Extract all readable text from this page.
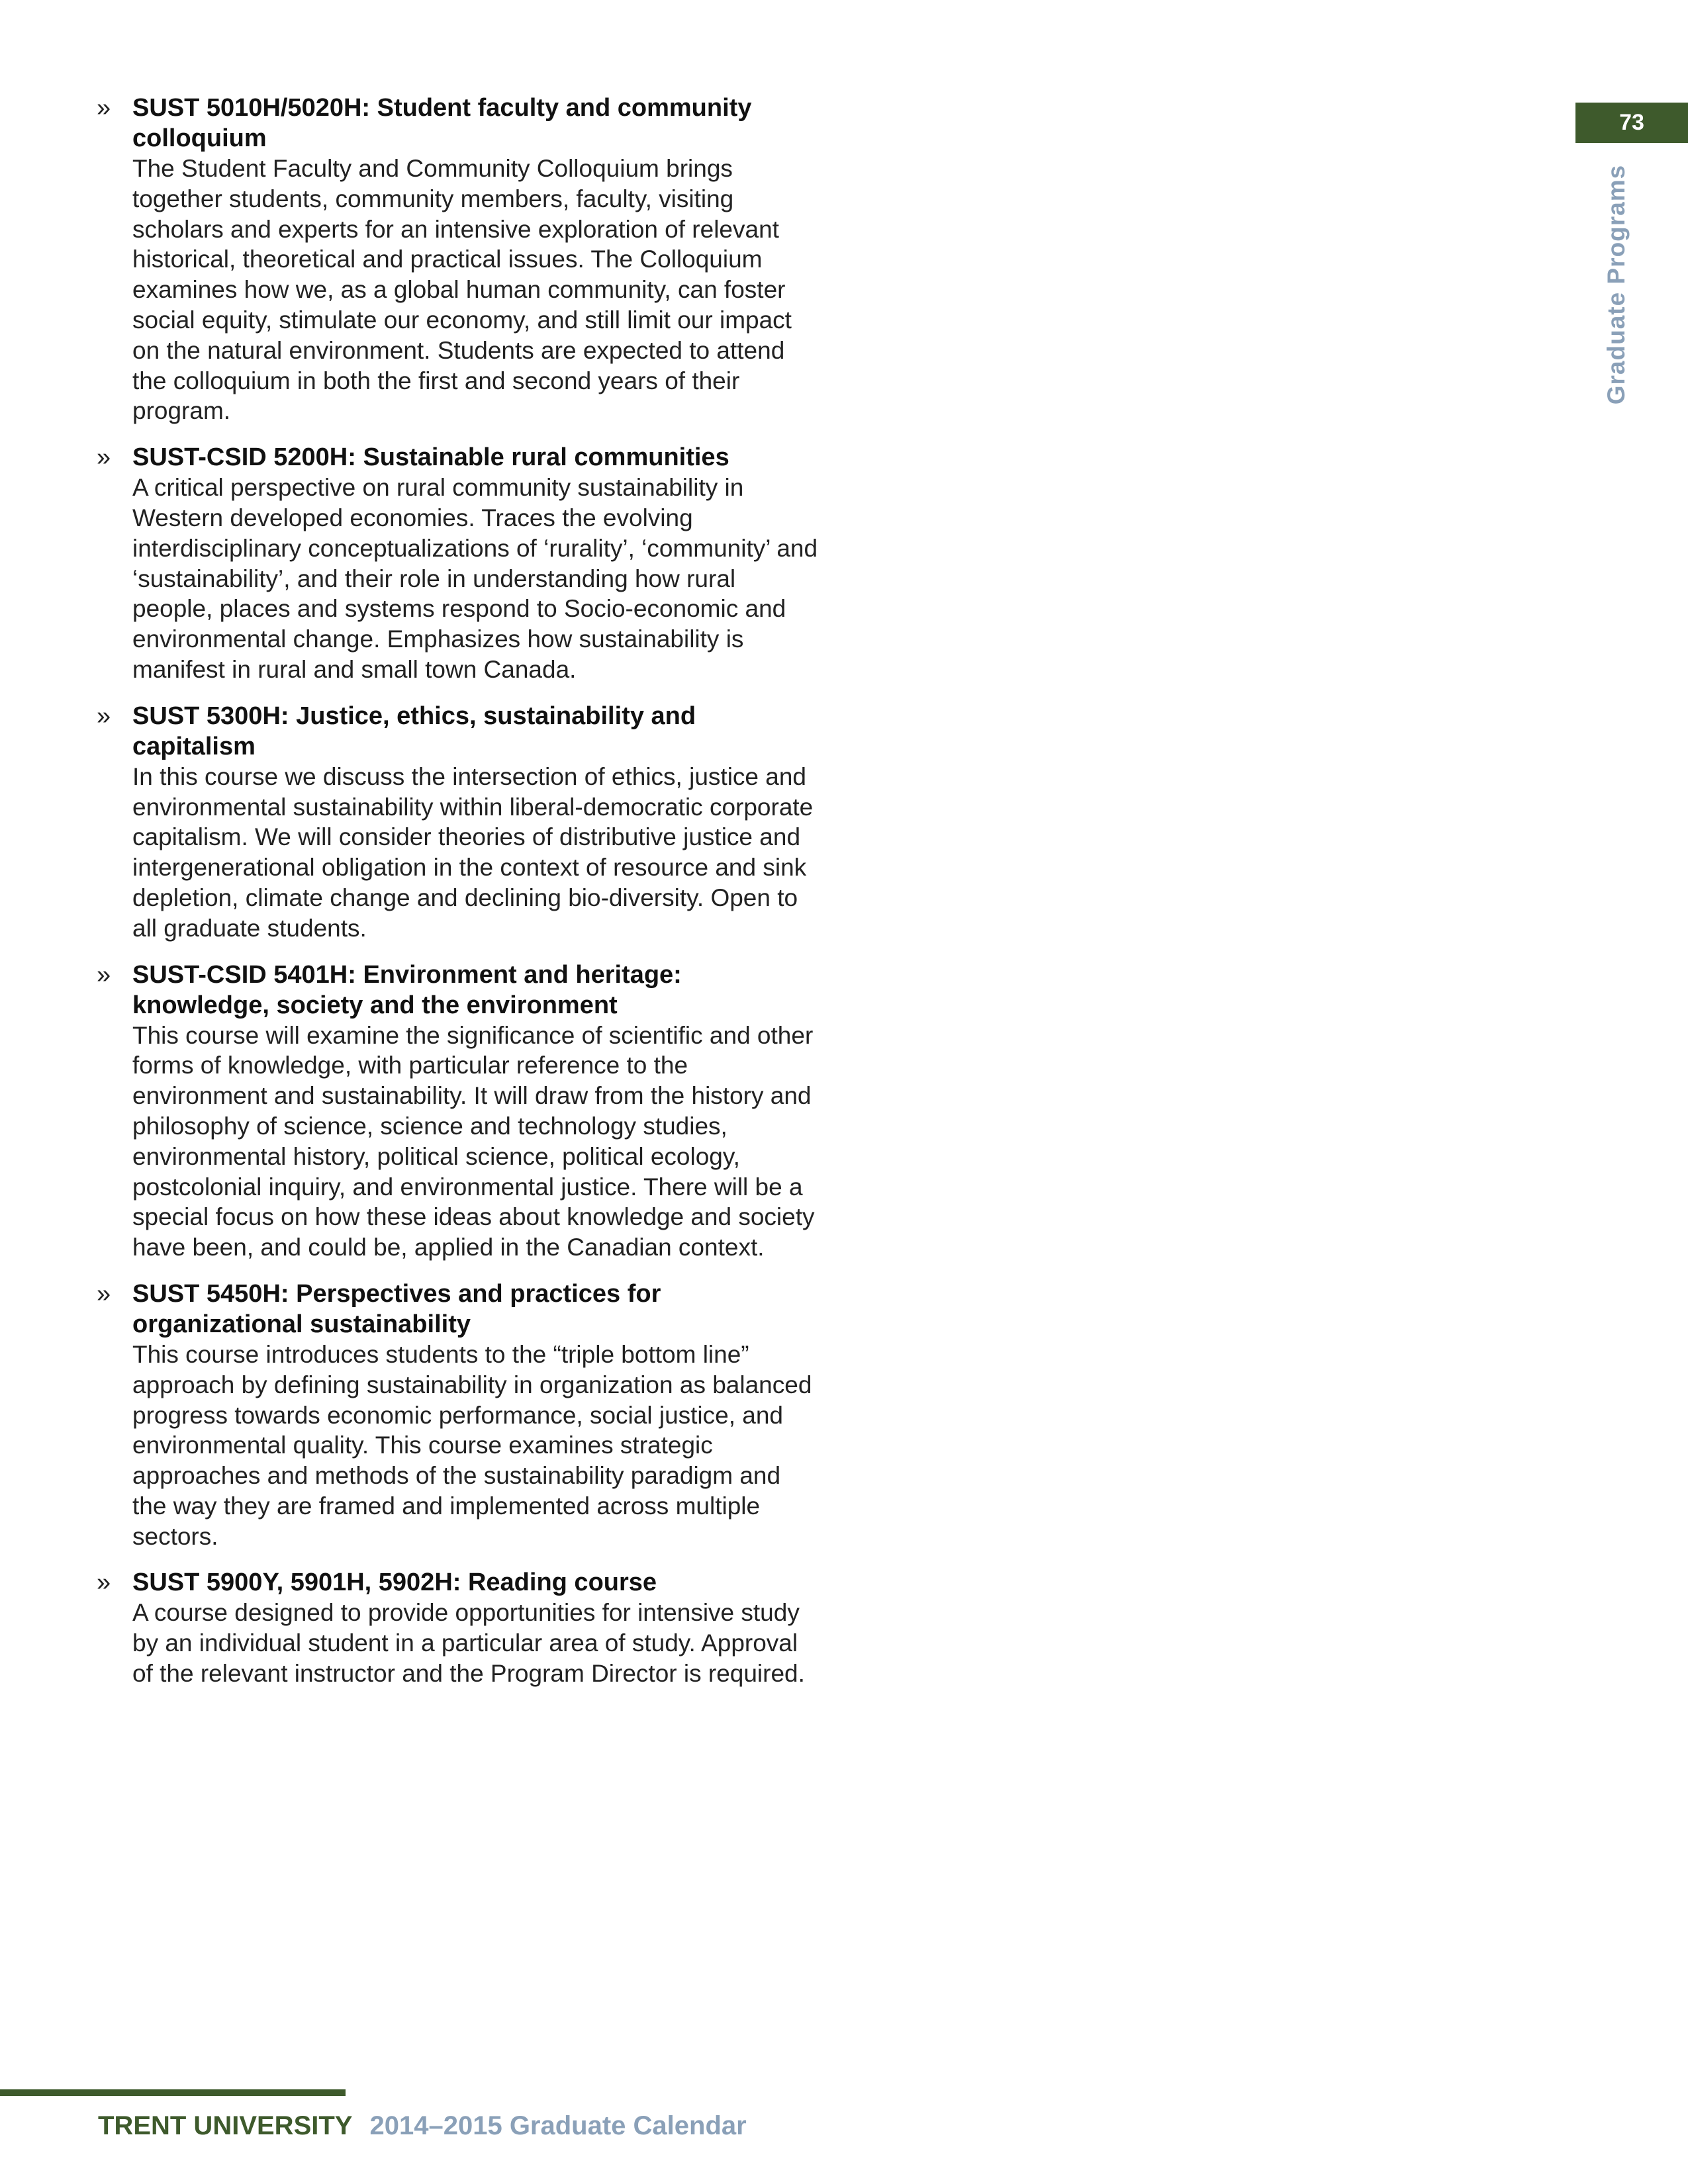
» SUST 5010H/5020H: Student faculty and community colloquium
The Student Faculty and Community Colloquium brings together students, community members, faculty, visiting scholars and experts for an intensive exploration of relevant historical, theoretical and practical issues. The Colloquium examines how we, as a global human community, can foster social equity, stimulate our economy, and still limit our impact on the natural environment. Students are expected to attend the colloquium in both the first and second years of their program.
» SUST-CSID 5200H: Sustainable rural communities
A critical perspective on rural community sustainability in Western developed economies. Traces the evolving interdisciplinary conceptualizations of ‘rurality’, ‘community’ and ‘sustainability’, and their role in understanding how rural people, places and systems respond to Socio-economic and environmental change. Emphasizes how sustainability is manifest in rural and small town Canada.
» SUST 5300H: Justice, ethics, sustainability and capitalism
In this course we discuss the intersection of ethics, justice and environmental sustainability within liberal-democratic corporate capitalism. We will consider theories of distributive justice and intergenerational obligation in the context of resource and sink depletion, climate change and declining bio-diversity. Open to all graduate students.
» SUST-CSID 5401H: Environment and heritage: knowledge, society and the environment
This course will examine the significance of scientific and other forms of knowledge, with particular reference to the environment and sustainability. It will draw from the history and philosophy of science, science and technology studies, environmental history, political science, political ecology, postcolonial inquiry, and environmental justice. There will be a special focus on how these ideas about knowledge and society have been, and could be, applied in the Canadian context.
» SUST 5450H: Perspectives and practices for organizational sustainability
This course introduces students to the “triple bottom line” approach by defining sustainability in organization as balanced progress towards economic performance, social justice, and environmental quality. This course examines strategic approaches and methods of the sustainability paradigm and the way they are framed and implemented across multiple sectors.
» SUST 5900Y, 5901H, 5902H: Reading course
A course designed to provide opportunities for intensive study by an individual student in a particular area of study. Approval of the relevant instructor and the Program Director is required.
73
Graduate Programs
TRENT UNIVERSITY 2014–2015 Graduate Calendar
